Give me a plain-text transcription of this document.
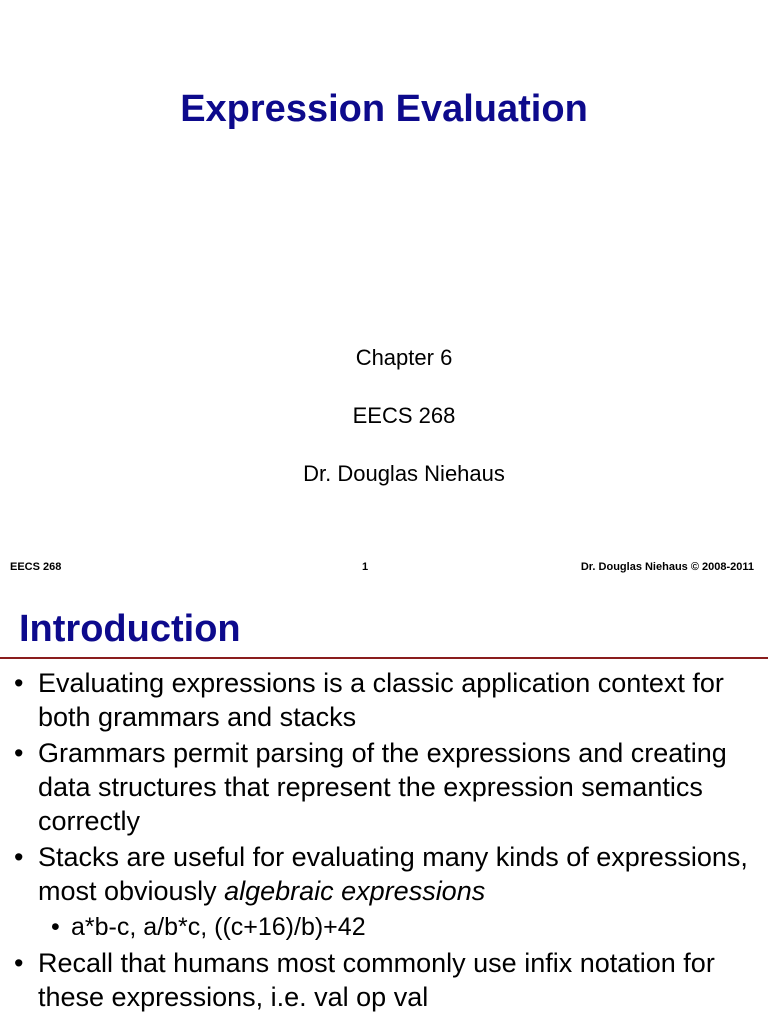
Expression Evaluation

Chapter 6

EECS 268

Dr. Douglas Niehaus

EECS 268	1	Dr. Douglas Niehaus © 2008-2011

Introduction
• Evaluating expressions is a classic application context for both grammars and stacks
• Grammars permit parsing of the expressions and creating data structures that represent the expression semantics correctly
• Stacks are useful for evaluating many kinds of expressions, most obviously algebraic expressions
• a*b-c, a/b*c, ((c+16)/b)+42
• Recall that humans most commonly use infix notation for these expressions, i.e. val op val
